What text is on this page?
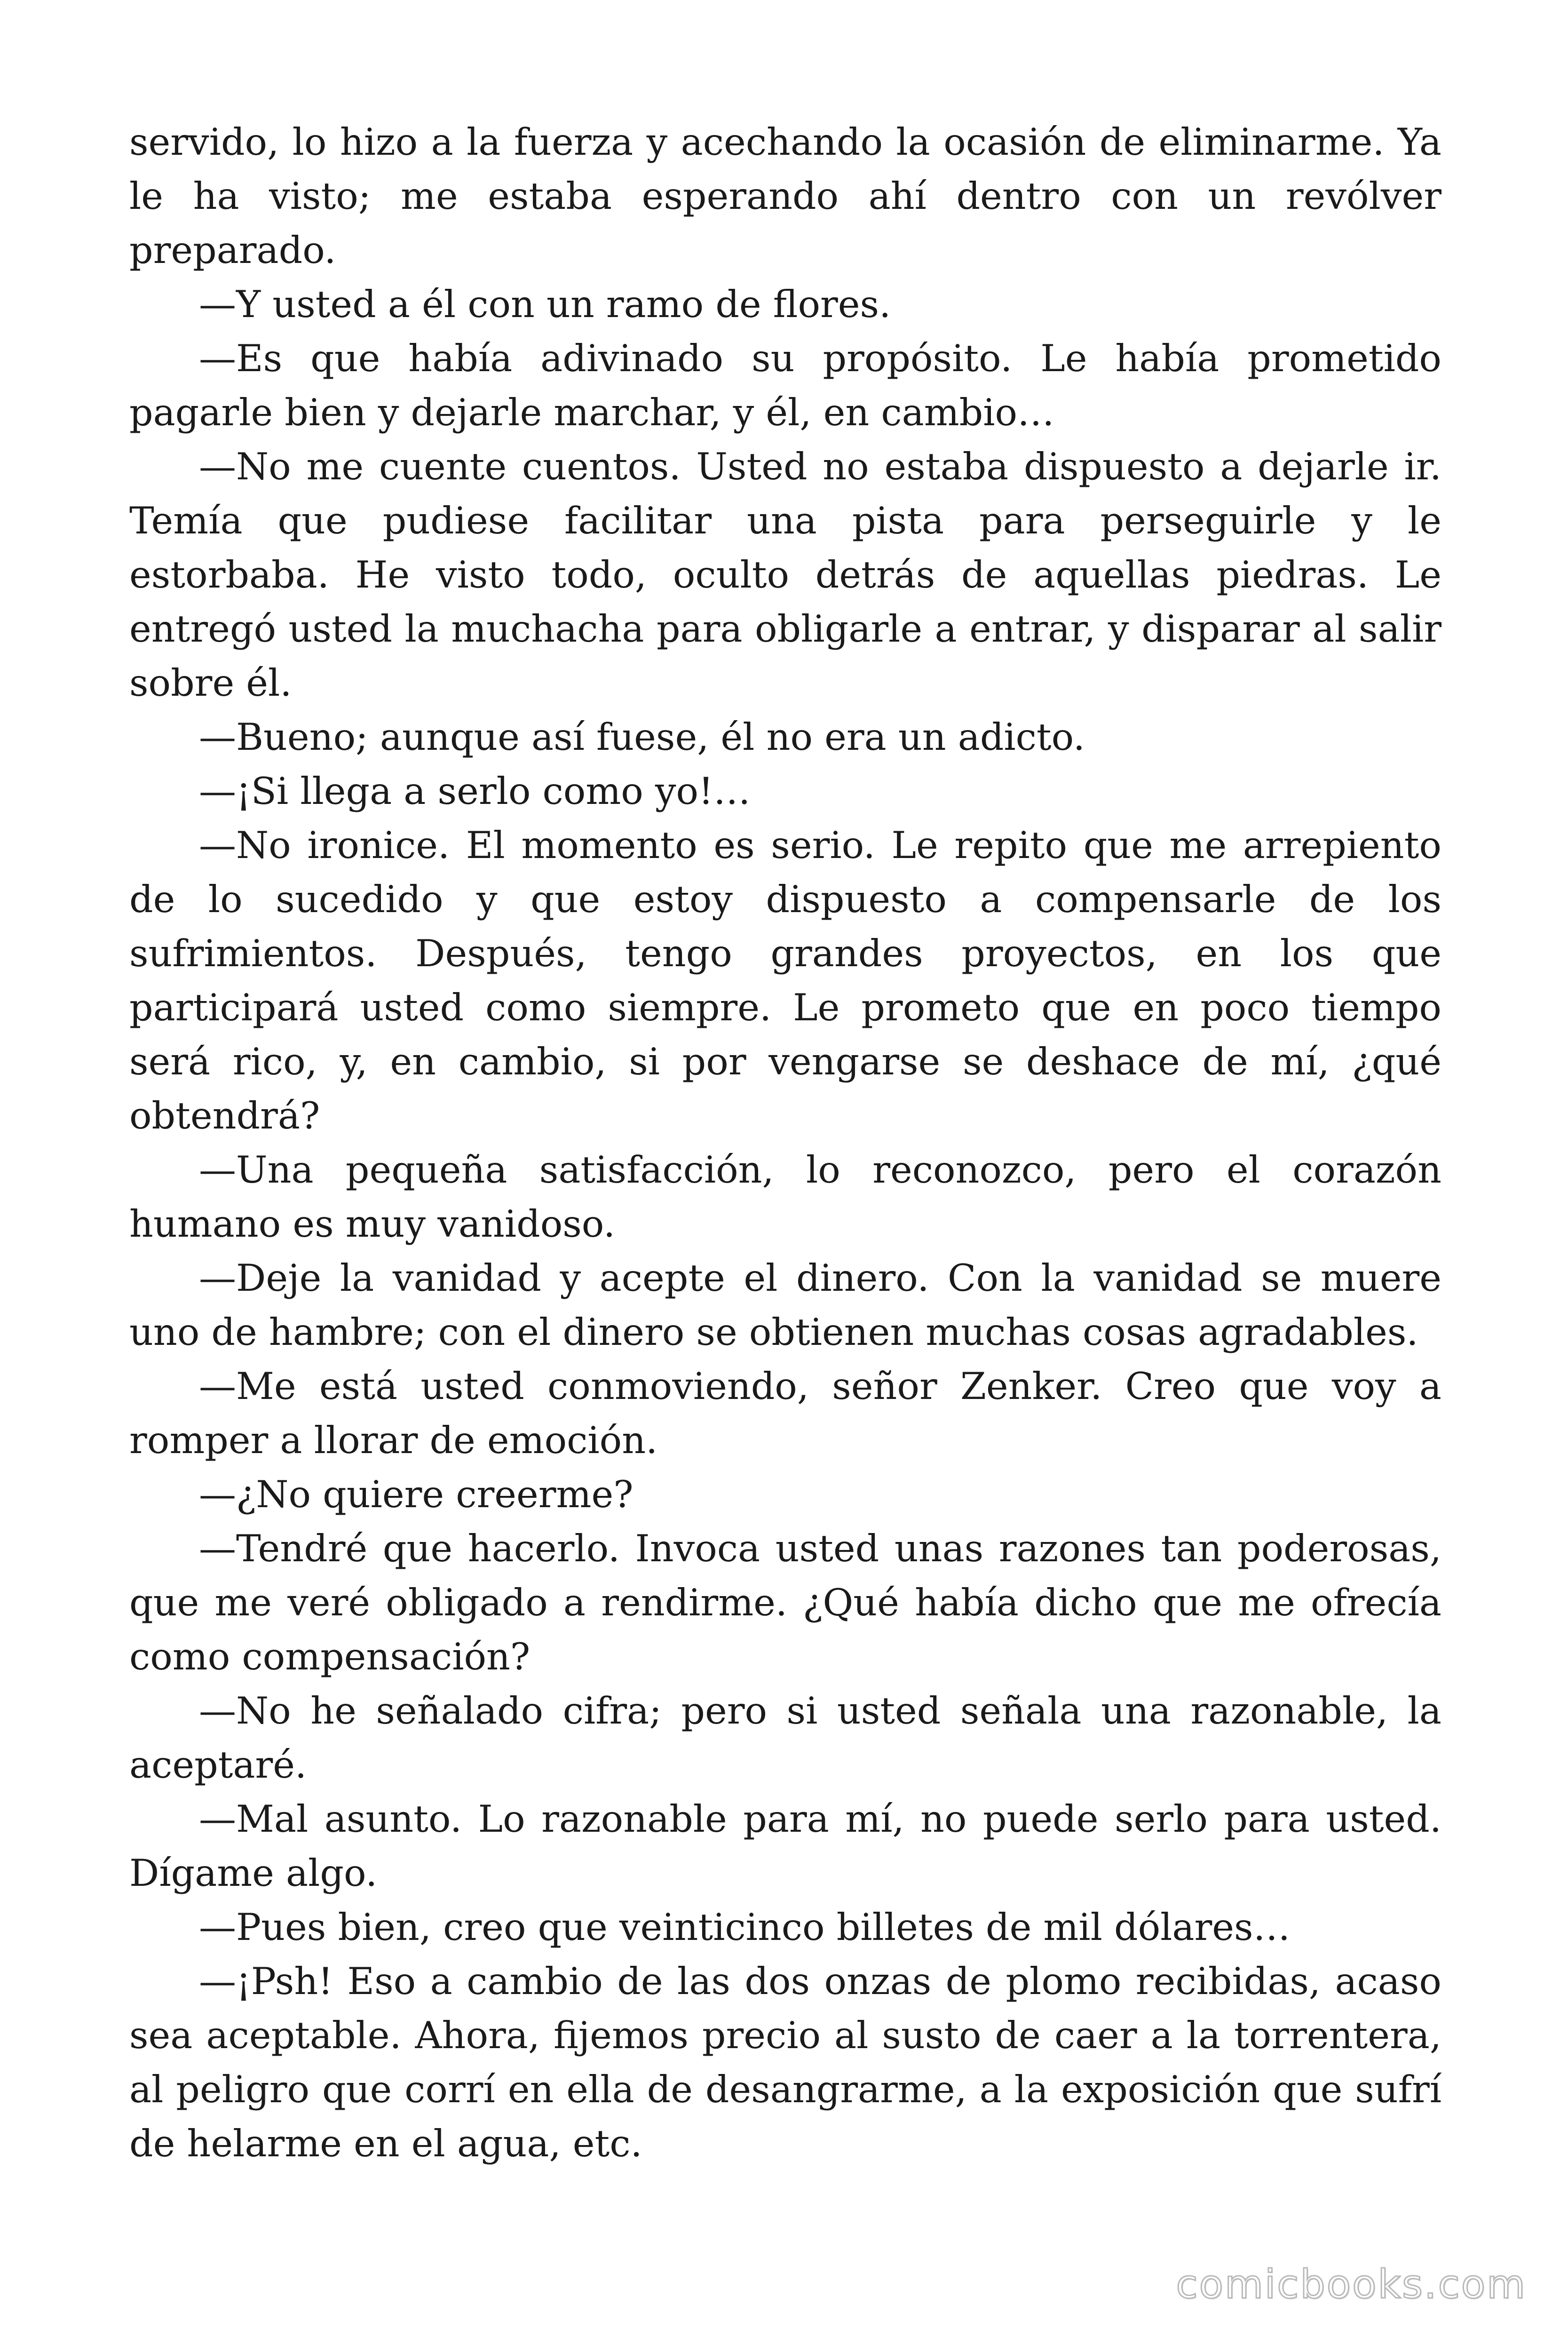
servido, lo hizo a la fuerza y acechando la ocasión de eliminarme. Ya le ha visto; me estaba esperando ahí dentro con un revólver preparado.

—Y usted a él con un ramo de flores.

—Es que había adivinado su propósito. Le había prometido pagarle bien y dejarle marchar, y él, en cambio…

—No me cuente cuentos. Usted no estaba dispuesto a dejarle ir. Temía que pudiese facilitar una pista para perseguirle y le estorbaba. He visto todo, oculto detrás de aquellas piedras. Le entregó usted la muchacha para obligarle a entrar, y disparar al salir sobre él.

—Bueno; aunque así fuese, él no era un adicto.

—¡Si llega a serlo como yo!…

—No ironice. El momento es serio. Le repito que me arrepiento de lo sucedido y que estoy dispuesto a compensarle de los sufrimientos. Después, tengo grandes proyectos, en los que participará usted como siempre. Le prometo que en poco tiempo será rico, y, en cambio, si por vengarse se deshace de mí, ¿qué obtendrá?

—Una pequeña satisfacción, lo reconozco, pero el corazón humano es muy vanidoso.

—Deje la vanidad y acepte el dinero. Con la vanidad se muere uno de hambre; con el dinero se obtienen muchas cosas agradables.

—Me está usted conmoviendo, señor Zenker. Creo que voy a romper a llorar de emoción.

—¿No quiere creerme?

—Tendré que hacerlo. Invoca usted unas razones tan poderosas, que me veré obligado a rendirme. ¿Qué había dicho que me ofrecía como compensación?

—No he señalado cifra; pero si usted señala una razonable, la aceptaré.

—Mal asunto. Lo razonable para mí, no puede serlo para usted. Dígame algo.

—Pues bien, creo que veinticinco billetes de mil dólares…

—¡Psh! Eso a cambio de las dos onzas de plomo recibidas, acaso sea aceptable. Ahora, fijemos precio al susto de caer a la torrentera, al peligro que corrí en ella de desangrarme, a la exposición que sufrí de helarme en el agua, etc.

comicbooks.com
